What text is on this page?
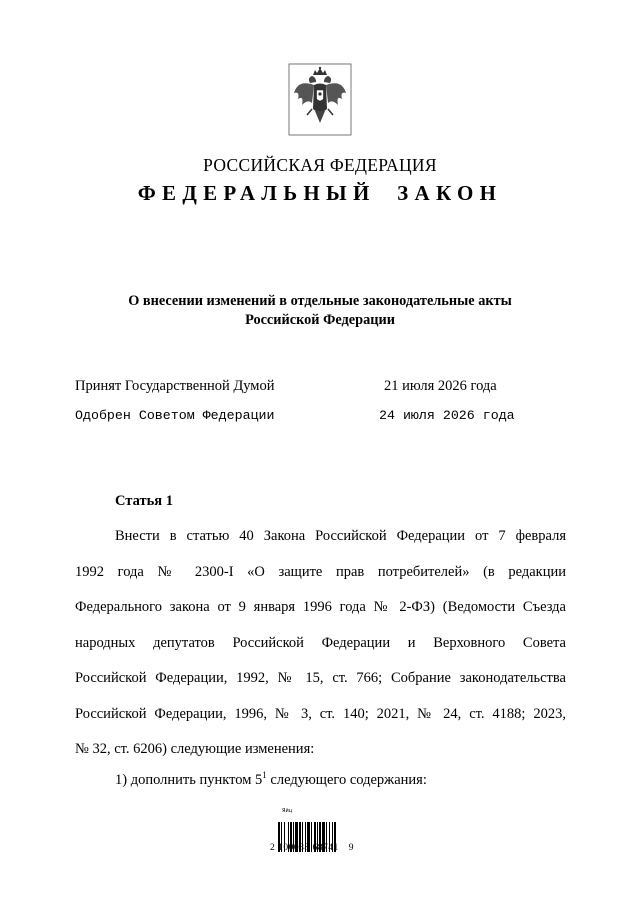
РОССИЙСКАЯ ФЕДЕРАЦИЯ
ФЕДЕРАЛЬНЫЙ ЗАКОН
О внесении изменений в отдельные законодательные акты
Российской Федерации
Принят Государственной Думой	21 июля 2026 года
Одобрен Советом Федерации	24 июля 2026 года
Статья 1
Внести в статью 40 Закона Российской Федерации от 7 февраля
1992 года № 2300-I «О защите прав потребителей» (в редакции
Федерального закона от 9 января 1996 года № 2-ФЗ) (Ведомости Съезда
народных депутатов Российской Федерации и Верховного Совета
Российской Федерации, 1992, № 15, ст. 766; Собрание законодательства
Российской Федерации, 1996, № 3, ст. 140; 2021, № 24, ст. 4188; 2023,
№ 32, ст. 6206) следующие изменения:
1) дополнить пунктом $5^1$ следующего содержания:
Яйц
2 100088 68741 9
